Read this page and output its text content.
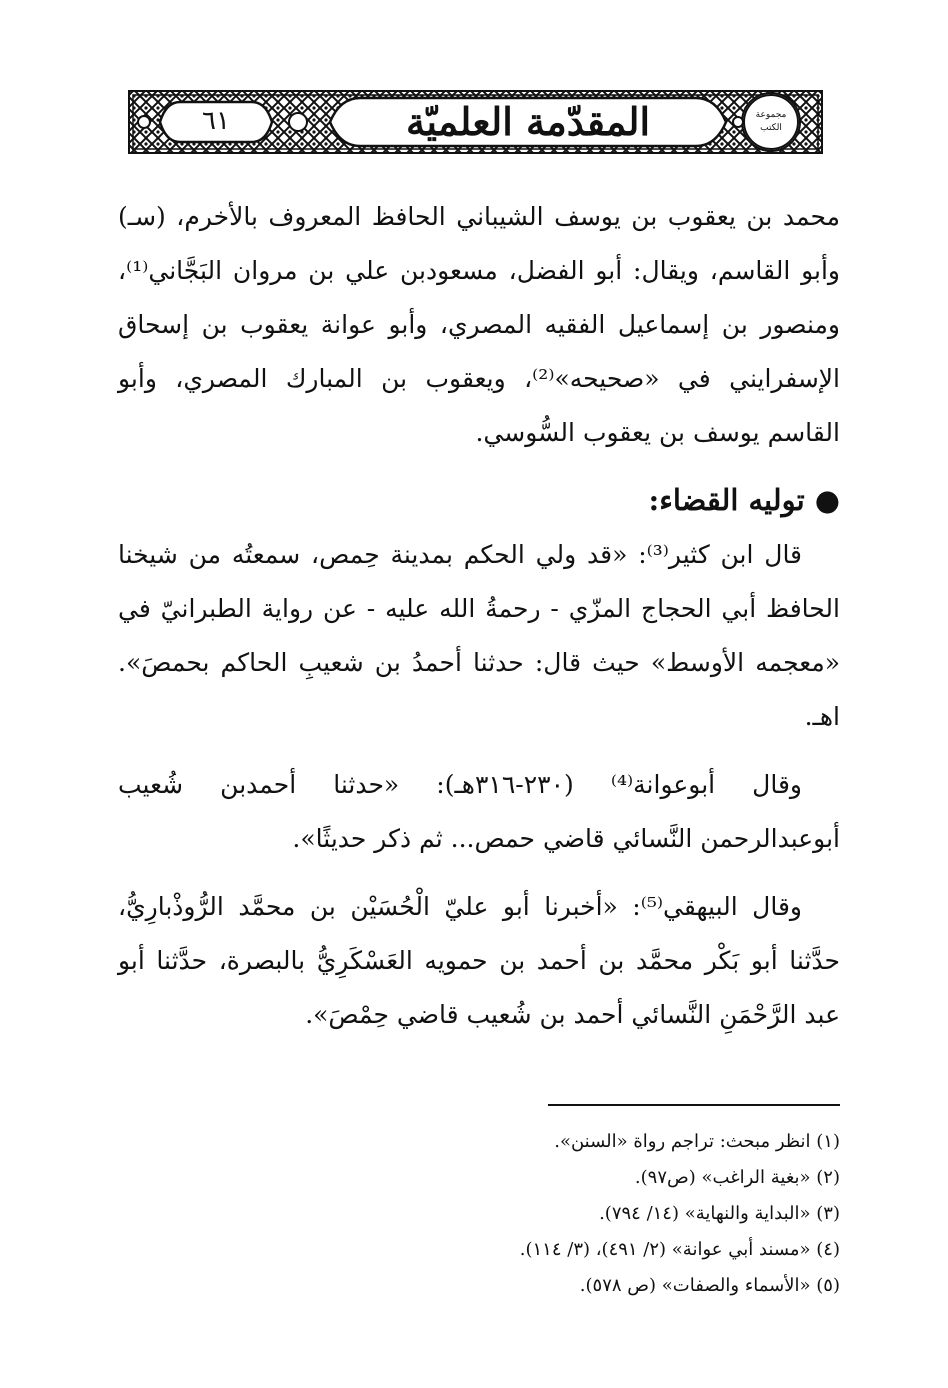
٦١	المقدّمة العلميّة	مجموعة الكتب

محمد بن يعقوب بن يوسف الشيباني الحافظ المعروف بالأخرم، (سـ) وأبو القاسم، ويقال: أبو الفضل، مسعودبن علي بن مروان البَجَّاني⁽¹⁾، ومنصور بن إسماعيل الفقيه المصري، وأبو عوانة يعقوب بن إسحاق الإسفرايني في «صحيحه»⁽²⁾، ويعقوب بن المبارك المصري، وأبو القاسم يوسف بن يعقوب السُّوسي.

●توليه القضاء:

قال ابن كثير⁽³⁾: «قد ولي الحكم بمدينة حِمص، سمعتُه من شيخنا الحافظ أبي الحجاج المزّي - رحمةُ الله عليه - عن رواية الطبرانيّ في «معجمه الأوسط» حيث قال: حدثنا أحمدُ بن شعيبِ الحاكم بحمصَ». اهـ.

وقال أبوعوانة⁽⁴⁾ (٢٣٠-٣١٦هـ): «حدثنا أحمدبن شُعيب أبوعبدالرحمن النَّسائي قاضي حمص... ثم ذكر حديثًا».

وقال البيهقي⁽⁵⁾: «أخبرنا أبو عليّ الْحُسَيْن بن محمَّد الرُّوذْبارِيُّ، حدَّثنا أبو بَكْر محمَّد بن أحمد بن حمويه العَسْكَرِيُّ بالبصرة، حدَّثنا أبو عبد الرَّحْمَنِ النَّسائي أحمد بن شُعيب قاضي حِمْصَ».

(١) انظر مبحث: تراجم رواة «السنن».

(٢) «بغية الراغب» (ص٩٧).

(٣) «البداية والنهاية» (١٤/ ٧٩٤).

(٤) «مسند أبي عوانة» (٢/ ٤٩١)، (٣/ ١١٤).

(٥) «الأسماء والصفات» (ص ٥٧٨).
